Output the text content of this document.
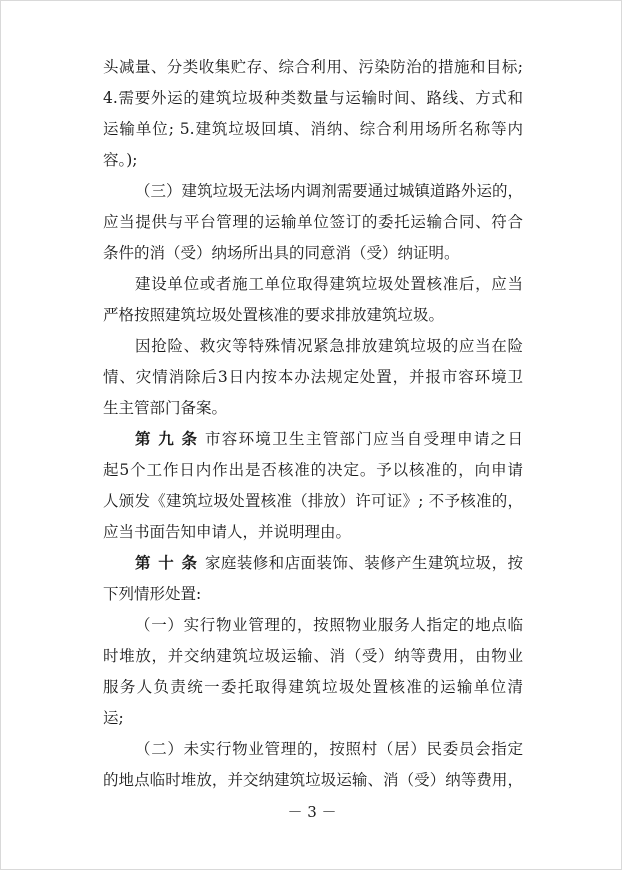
头减量、分类收集贮存、综合利用、污染防治的措施和目标;
4.需要外运的建筑垃圾种类数量与运输时间、路线、方式和
运输单位; 5.建筑垃圾回填、消纳、综合利用场所名称等内
容。);
（三）建筑垃圾无法场内调剂需要通过城镇道路外运的，
应当提供与平台管理的运输单位签订的委托运输合同、符合
条件的消（受）纳场所出具的同意消（受）纳证明。
建设单位或者施工单位取得建筑垃圾处置核准后，应当
严格按照建筑垃圾处置核准的要求排放建筑垃圾。
因抢险、救灾等特殊情况紧急排放建筑垃圾的应当在险
情、灾情消除后3日内按本办法规定处置，并报市容环境卫
生主管部门备案。
第九条 市容环境卫生主管部门应当自受理申请之日
起5个工作日内作出是否核准的决定。予以核准的，向申请
人颁发《建筑垃圾处置核准（排放）许可证》; 不予核准的，
应当书面告知申请人，并说明理由。
第十条 家庭装修和店面装饰、装修产生建筑垃圾，按
下列情形处置:
（一）实行物业管理的，按照物业服务人指定的地点临
时堆放，并交纳建筑垃圾运输、消（受）纳等费用，由物业
服务人负责统一委托取得建筑垃圾处置核准的运输单位清
运;
（二）未实行物业管理的，按照村（居）民委员会指定
－ 3 －
的地点临时堆放，并交纳建筑垃圾运输、消（受）纳等费用，
